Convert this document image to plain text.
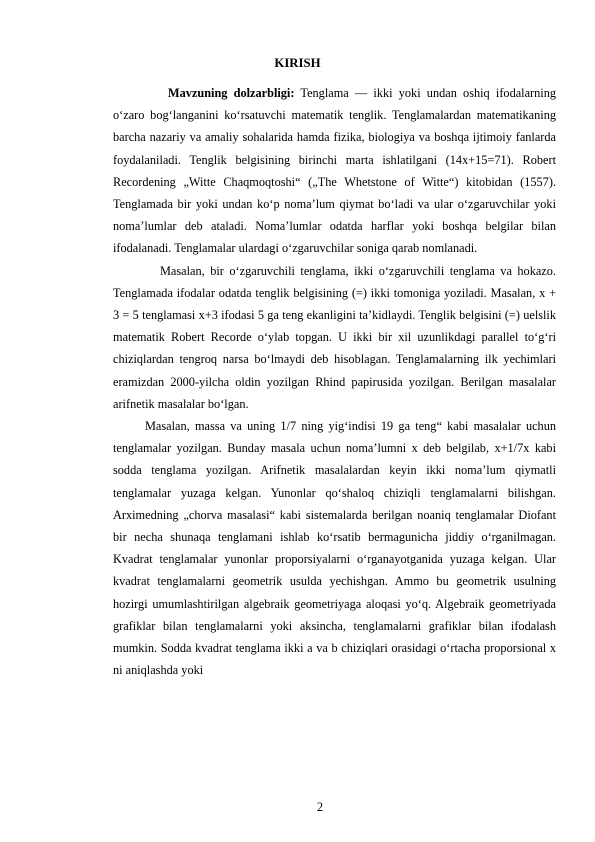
KIRISH

Mavzuning dolzarbligi: Tenglama — ikki yoki undan oshiq ifodalarning o‘zaro bog‘langanini ko‘rsatuvchi matematik tenglik. Tenglamalardan matematikaning barcha nazariy va amaliy sohalarida hamda fizika, biologiya va boshqa ijtimoiy fanlarda foydalaniladi. Tenglik belgisining birinchi marta ishlatilgani (14x+15=71). Robert Recordening „Witte Chaqmoqtoshi“ („The Whetstone of Witte“) kitobidan (1557). Tenglamada bir yoki undan ko‘p noma’lum qiymat bo‘ladi va ular o‘zgaruvchilar yoki noma’lumlar deb ataladi. Noma’lumlar odatda harflar yoki boshqa belgilar bilan ifodalanadi. Tenglamalar ulardagi o‘zgaruvchilar soniga qarab nomlanadi.

Masalan, bir o‘zgaruvchili tenglama, ikki o‘zgaruvchili tenglama va hokazo. Tenglamada ifodalar odatda tenglik belgisining (=) ikki tomoniga yoziladi. Masalan, x + 3 = 5 tenglamasi x+3 ifodasi 5 ga teng ekanligini ta’kidlaydi. Tenglik belgisini (=) uelslik matematik Robert Recorde o‘ylab topgan. U ikki bir xil uzunlikdagi parallel to‘g‘ri chiziqlardan tengroq narsa bo‘lmaydi deb hisoblagan. Tenglamalarning ilk yechimlari eramizdan 2000-yilcha oldin yozilgan Rhind papirusida yozilgan. Berilgan masalalar arifnetik masalalar bo‘lgan.

Masalan, massa va uning 1/7 ning yig‘indisi 19 ga teng“ kabi masalalar uchun tenglamalar yozilgan. Bunday masala uchun noma’lumni x deb belgilab, x+1/7x kabi sodda tenglama yozilgan. Arifnetik masalalardan keyin ikki noma’lum qiymatli tenglamalar yuzaga kelgan. Yunonlar qo‘shaloq chiziqli tenglamalarni bilishgan. Arximedning „chorva masalasi“ kabi sistemalarda berilgan noaniq tenglamalar Diofant bir necha shunaqa tenglamani ishlab ko‘rsatib bermagunicha jiddiy o‘rganilmagan. Kvadrat tenglamalar yunonlar proporsiyalarni o‘rganayotganida yuzaga kelgan. Ular kvadrat tenglamalarni geometrik usulda yechishgan. Ammo bu geometrik usulning hozirgi umumlashtirilgan algebraik geometriyaga aloqasi yo‘q. Algebraik geometriyada grafiklar bilan tenglamalarni yoki aksincha, tenglamalarni grafiklar bilan ifodalash mumkin. Sodda kvadrat tenglama ikki a va b chiziqlari orasidagi o‘rtacha proporsional x ni aniqlashda yoki

2
